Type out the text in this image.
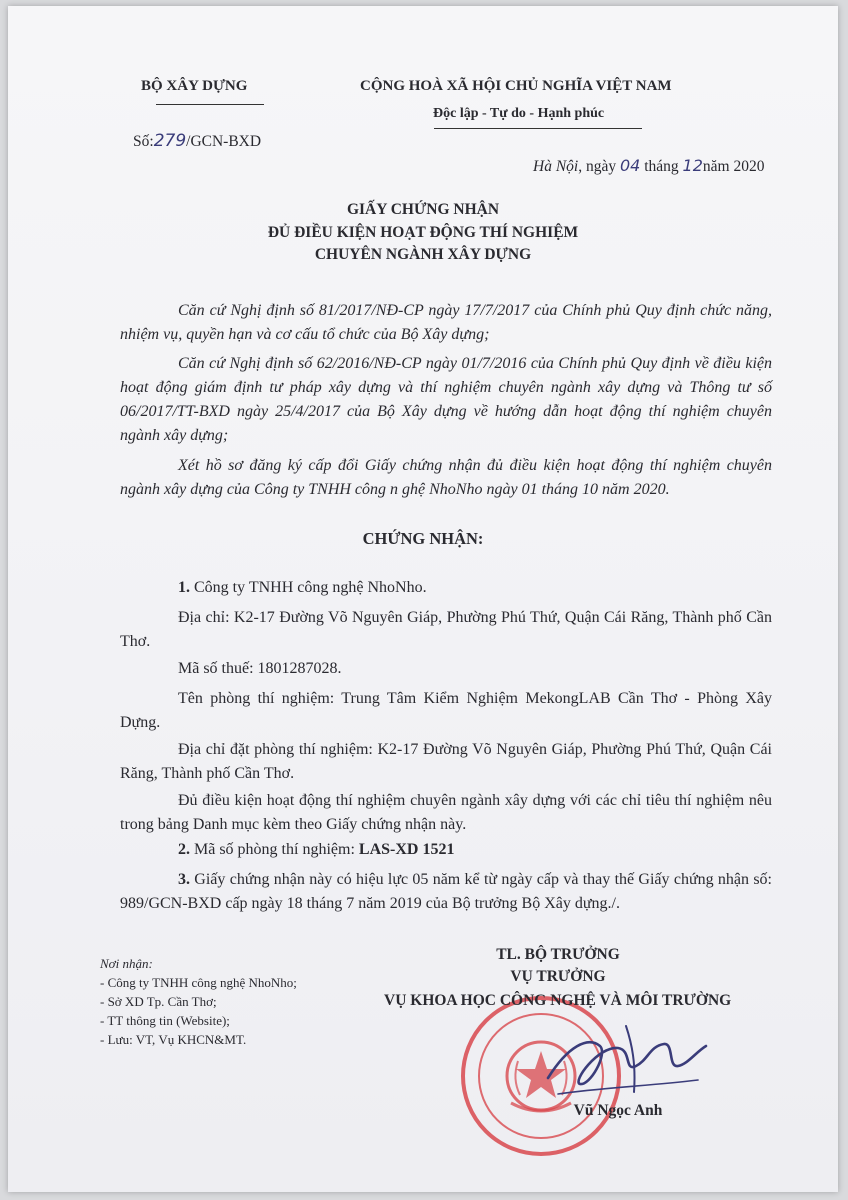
BỘ XÂY DỰNG
Số:279/GCN-BXD
CỘNG HOÀ XÃ HỘI CHỦ NGHĨA VIỆT NAM
Độc lập - Tự do - Hạnh phúc
Hà Nội, ngày 04 tháng 12năm 2020
GIẤY CHỨNG NHẬN
ĐỦ ĐIỀU KIỆN HOẠT ĐỘNG THÍ NGHIỆM
CHUYÊN NGÀNH XÂY DỰNG
Căn cứ Nghị định số 81/2017/NĐ-CP ngày 17/7/2017 của Chính phủ Quy định chức năng, nhiệm vụ, quyền hạn và cơ cấu tổ chức của Bộ Xây dựng;
Căn cứ Nghị định số 62/2016/NĐ-CP ngày 01/7/2016 của Chính phủ Quy định về điều kiện hoạt động giám định tư pháp xây dựng và thí nghiệm chuyên ngành xây dựng và Thông tư số 06/2017/TT-BXD ngày 25/4/2017 của Bộ Xây dựng về hướng dẫn hoạt động thí nghiệm chuyên ngành xây dựng;
Xét hồ sơ đăng ký cấp đổi Giấy chứng nhận đủ điều kiện hoạt động thí nghiệm chuyên ngành xây dựng của Công ty TNHH công n ghệ NhoNho ngày 01 tháng 10 năm 2020.
CHỨNG NHẬN:
1. Công ty TNHH công nghệ NhoNho.
Địa chỉ: K2-17 Đường Võ Nguyên Giáp, Phường Phú Thứ, Quận Cái Răng, Thành phố Cần Thơ.
Mã số thuế: 1801287028.
Tên phòng thí nghiệm: Trung Tâm Kiểm Nghiệm MekongLAB Cần Thơ - Phòng Xây Dựng.
Địa chỉ đặt phòng thí nghiệm: K2-17 Đường Võ Nguyên Giáp, Phường Phú Thứ, Quận Cái Răng, Thành phố Cần Thơ.
Đủ điều kiện hoạt động thí nghiệm chuyên ngành xây dựng với các chỉ tiêu thí nghiệm nêu trong bảng Danh mục kèm theo Giấy chứng nhận này.
2. Mã số phòng thí nghiệm: LAS-XD 1521
3. Giấy chứng nhận này có hiệu lực 05 năm kể từ ngày cấp và thay thế Giấy chứng nhận số: 989/GCN-BXD cấp ngày 18 tháng 7 năm 2019 của Bộ trưởng Bộ Xây dựng./.
Nơi nhận:
- Công ty TNHH công nghệ NhoNho;
- Sở XD Tp. Cần Thơ;
- TT thông tin (Website);
- Lưu: VT, Vụ KHCN&MT.
TL. BỘ TRƯỞNG
VỤ TRƯỞNG
VỤ KHOA HỌC CÔNG NGHỆ VÀ MÔI TRƯỜNG
Vũ Ngọc Anh
